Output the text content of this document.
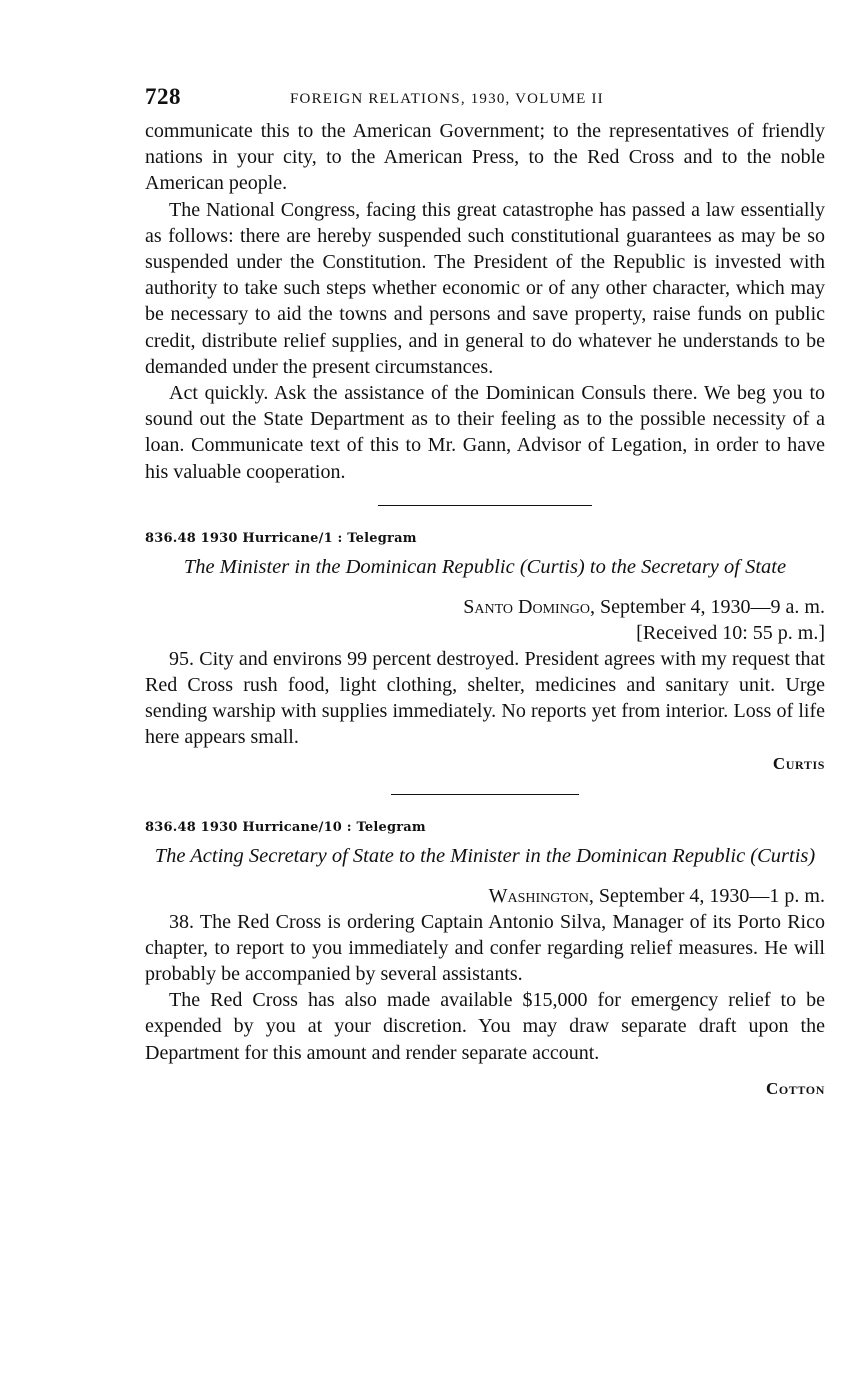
728	FOREIGN RELATIONS, 1930, VOLUME II

communicate this to the American Government; to the representatives of friendly nations in your city, to the American Press, to the Red Cross and to the noble American people.

The National Congress, facing this great catastrophe has passed a law essentially as follows: there are hereby suspended such constitutional guarantees as may be so suspended under the Constitution. The President of the Republic is invested with authority to take such steps whether economic or of any other character, which may be necessary to aid the towns and persons and save property, raise funds on public credit, distribute relief supplies, and in general to do whatever he understands to be demanded under the present circumstances.

Act quickly. Ask the assistance of the Dominican Consuls there. We beg you to sound out the State Department as to their feeling as to the possible necessity of a loan. Communicate text of this to Mr. Gann, Advisor of Legation, in order to have his valuable cooperation.

836.48 1930 Hurricane/1 : Telegram
The Minister in the Dominican Republic (Curtis) to the Secretary of State
Santo Domingo, September 4, 1930—9 a. m.
[Received 10: 55 p. m.]

95. City and environs 99 percent destroyed. President agrees with my request that Red Cross rush food, light clothing, shelter, medicines and sanitary unit. Urge sending warship with supplies immediately. No reports yet from interior. Loss of life here appears small.

Curtis
836.48 1930 Hurricane/10 : Telegram
The Acting Secretary of State to the Minister in the Dominican Republic (Curtis)
Washington, September 4, 1930—1 p. m.

38. The Red Cross is ordering Captain Antonio Silva, Manager of its Porto Rico chapter, to report to you immediately and confer regarding relief measures. He will probably be accompanied by several assistants.

The Red Cross has also made available $15,000 for emergency relief to be expended by you at your discretion. You may draw separate draft upon the Department for this amount and render separate account.

Cotton
